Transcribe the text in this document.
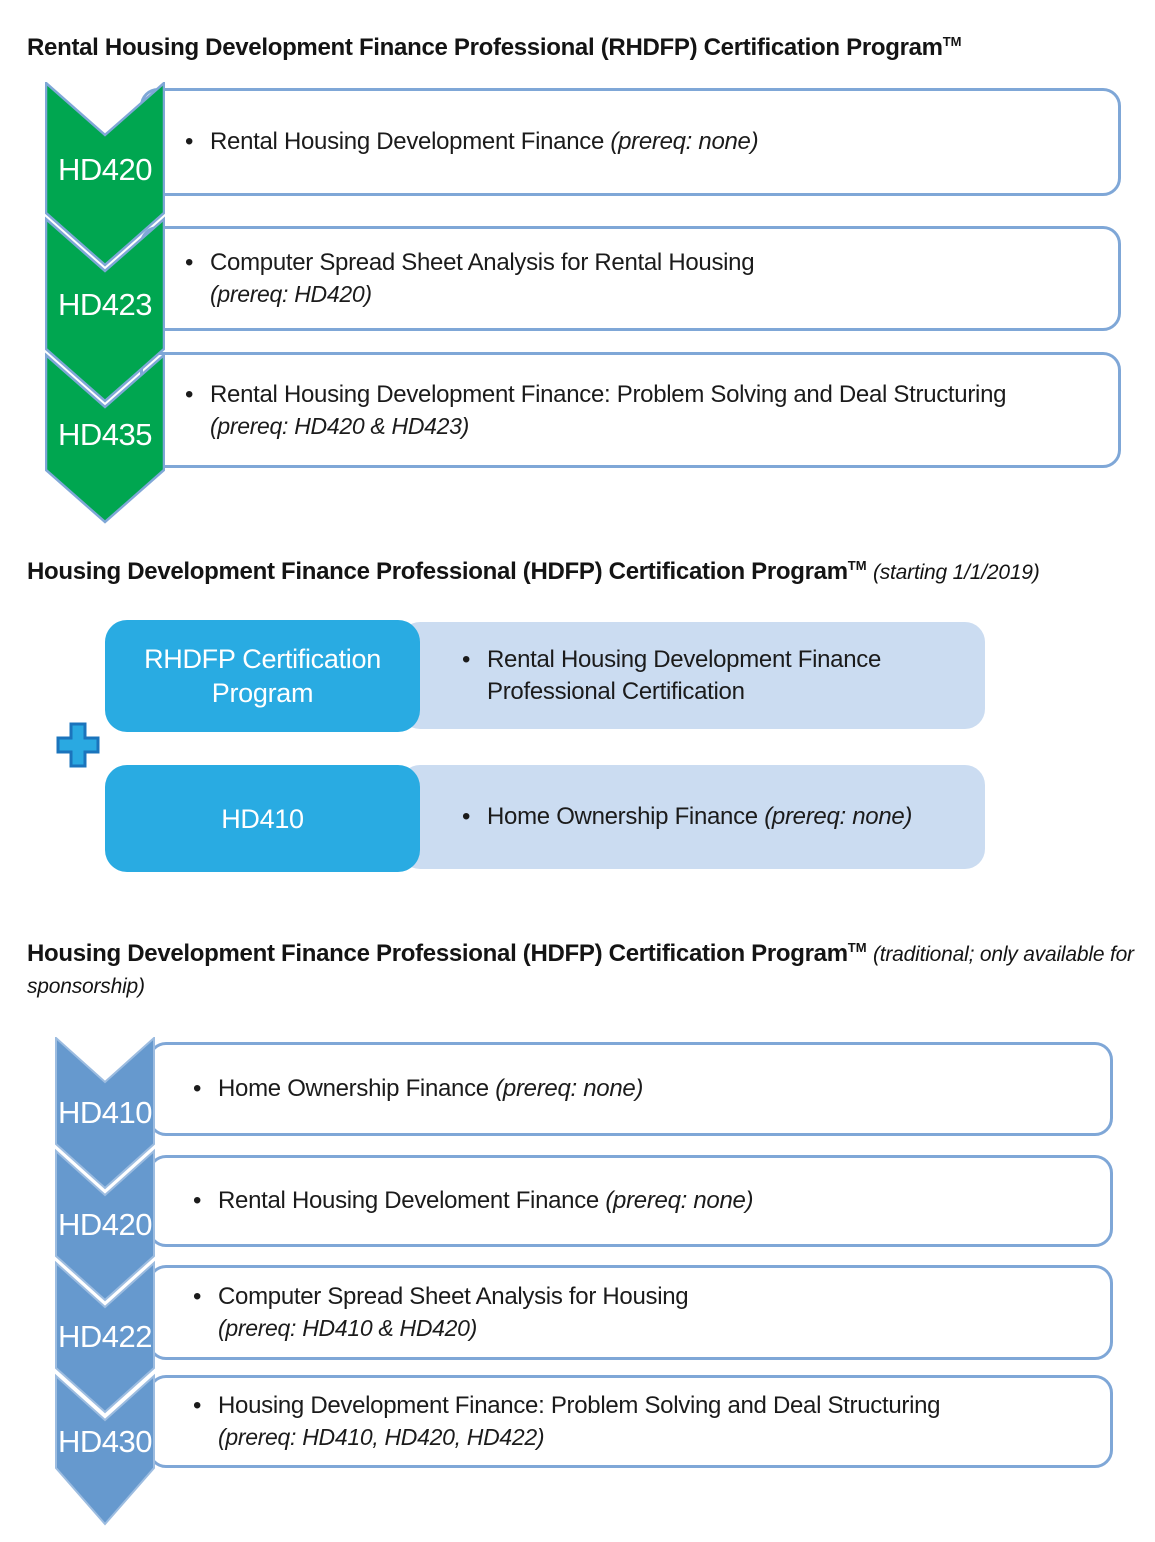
Rental Housing Development Finance Professional (RHDFP) Certification Program™
HD420
HD423
HD435
• Rental Housing Development Finance (prereq: none)
• Computer Spread Sheet Analysis for Rental Housing
(prereq: HD420)
• Rental Housing Development Finance: Problem Solving and Deal Structuring
(prereq: HD420 & HD423)
Housing Development Finance Professional (HDFP) Certification Program™ (starting 1/1/2019)
• Rental Housing Development Finance Professional Certification
RHDFP Certification Program
• Home Ownership Finance (prereq: none)
HD410
Housing Development Finance Professional (HDFP) Certification Program™ (traditional; only available for sponsorship)
HD410
HD420
HD422
HD430
• Home Ownership Finance (prereq: none)
• Rental Housing Develoment Finance (prereq: none)
• Computer Spread Sheet Analysis for Housing
(prereq: HD410 & HD420)
• Housing Development Finance: Problem Solving and Deal Structuring
(prereq: HD410, HD420, HD422)
